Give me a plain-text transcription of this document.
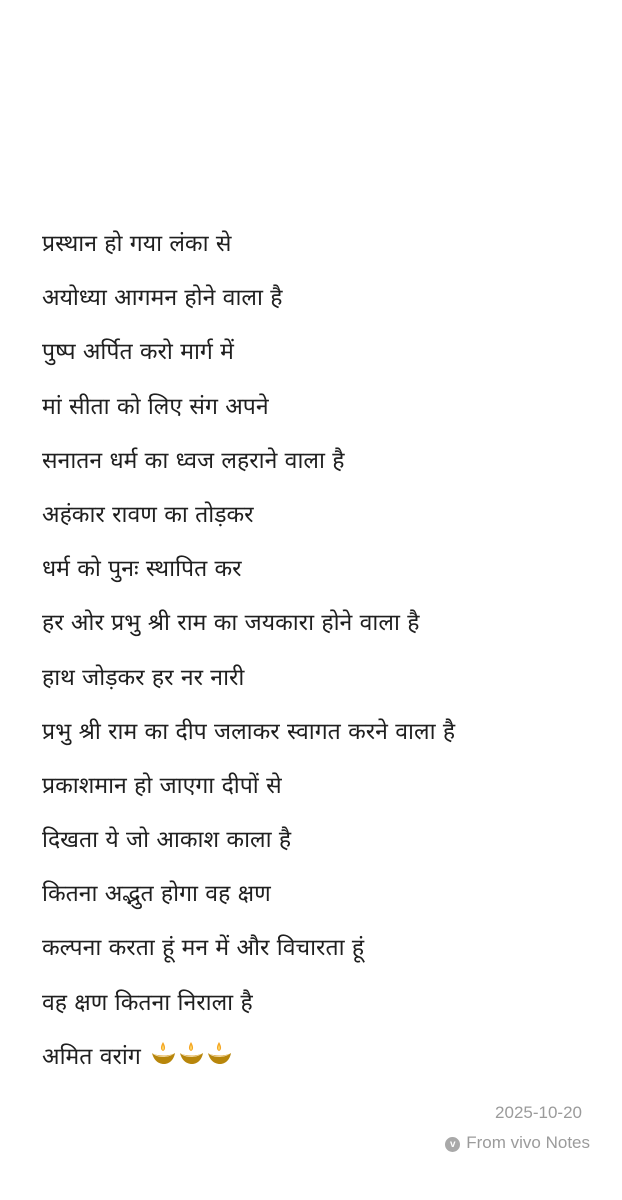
प्रस्थान हो गया लंका से
अयोध्या आगमन होने वाला है
पुष्प अर्पित करो मार्ग में
मां सीता को लिए संग अपने
सनातन धर्म का ध्वज लहराने वाला है
अहंकार रावण का तोड़कर
धर्म को पुनः स्थापित कर
हर ओर प्रभु श्री राम का जयकारा होने वाला है
हाथ जोड़कर हर नर नारी
प्रभु श्री राम का दीप जलाकर स्वागत करने वाला है
प्रकाशमान हो जाएगा दीपों से
दिखता ये जो आकाश काला है
कितना अद्भुत होगा वह क्षण
कल्पना करता हूं मन में और विचारता हूं
वह क्षण कितना निराला है
अमित वरांग
2025-10-20
v From vivo Notes
